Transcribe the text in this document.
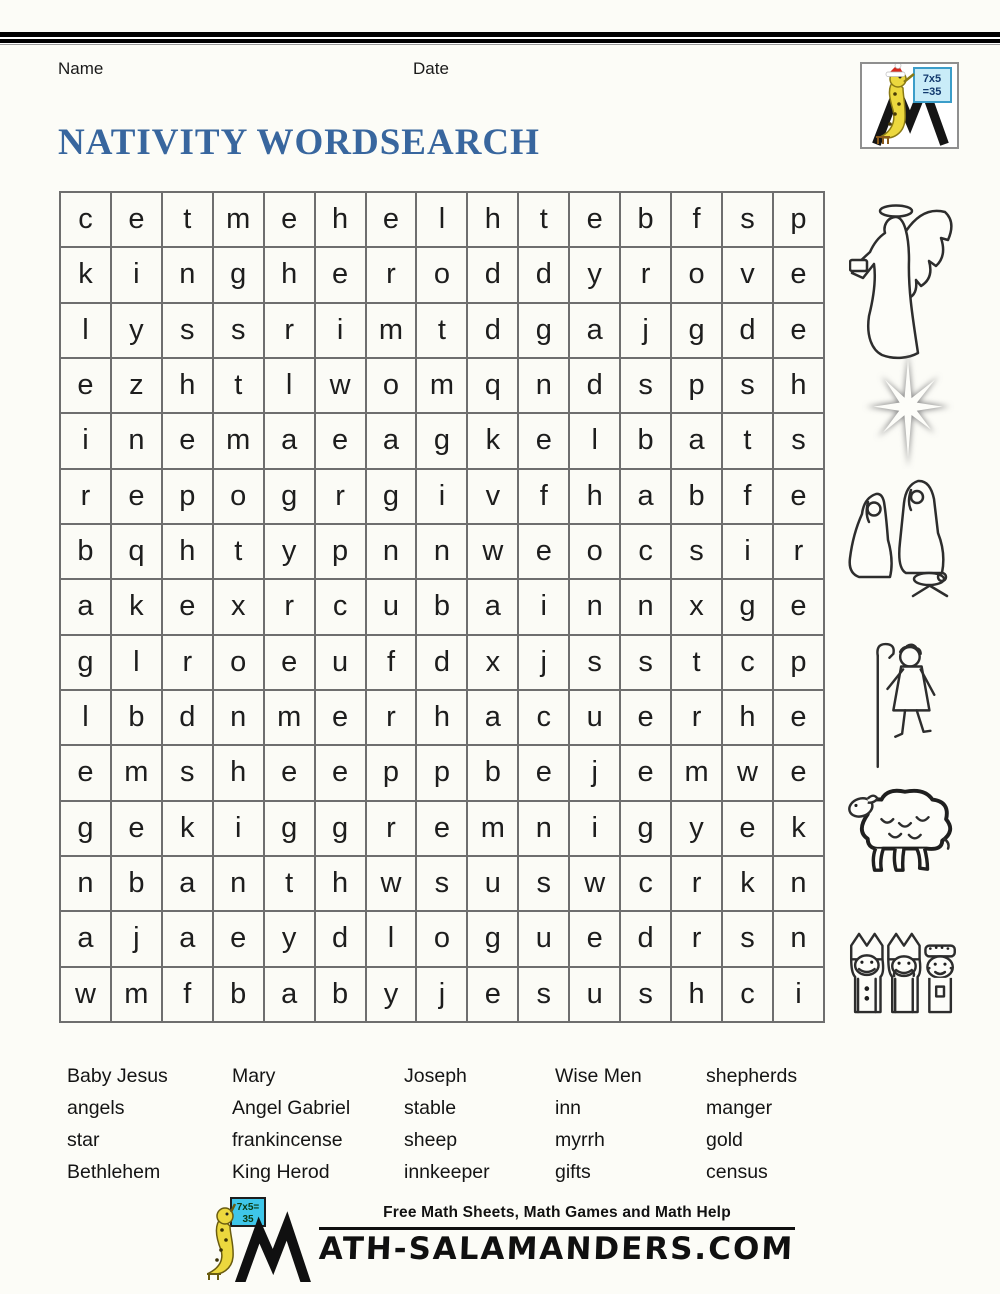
Name	Date
7x5
=35
NATIVITY WORDSEARCH
c	e	t	m	e	h	e	l	h	t	e	b	f	s	p
k	i	n	g	h	e	r	o	d	d	y	r	o	v	e
l	y	s	s	r	i	m	t	d	g	a	j	g	d	e
e	z	h	t	l	w	o	m	q	n	d	s	p	s	h
i	n	e	m	a	e	a	g	k	e	l	b	a	t	s
r	e	p	o	g	r	g	i	v	f	h	a	b	f	e
b	q	h	t	y	p	n	n	w	e	o	c	s	i	r
a	k	e	x	r	c	u	b	a	i	n	n	x	g	e
g	l	r	o	e	u	f	d	x	j	s	s	t	c	p
l	b	d	n	m	e	r	h	a	c	u	e	r	h	e
e	m	s	h	e	e	p	p	b	e	j	e	m	w	e
g	e	k	i	g	g	r	e	m	n	i	g	y	e	k
n	b	a	n	t	h	w	s	u	s	w	c	r	k	n
a	j	a	e	y	d	l	o	g	u	e	d	r	s	n
w	m	f	b	a	b	y	j	e	s	u	s	h	c	i
Baby Jesus
angels
star
Bethlehem
Mary
Angel Gabriel
frankincense
King Herod
Joseph
stable
sheep
innkeeper
Wise Men
inn
myrrh
gifts
shepherds
manger
gold
census
7x5=
35	Free Math Sheets, Math Games and Math Help
ATH-SALAMANDERS.COM
